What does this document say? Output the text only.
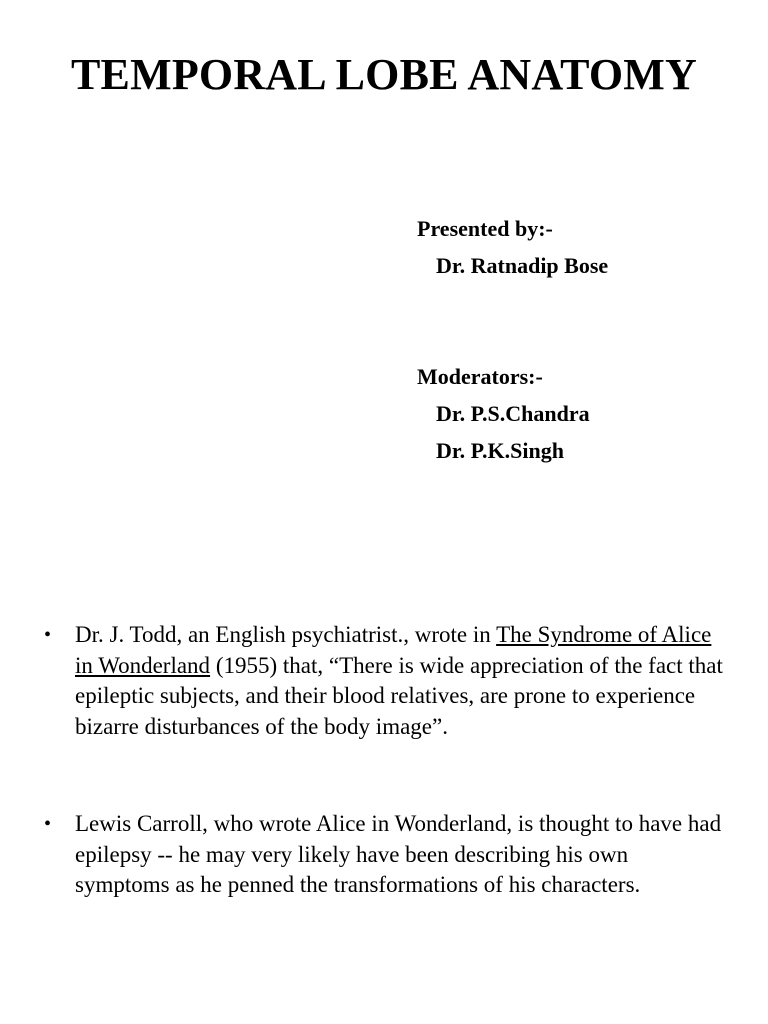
TEMPORAL LOBE ANATOMY
Presented by:-
Dr. Ratnadip Bose
Moderators:-
Dr. P.S.Chandra
Dr. P.K.Singh
• Dr. J. Todd, an English psychiatrist., wrote in The Syndrome of Alice in Wonderland (1955) that, “There is wide appreciation of the fact that epileptic subjects, and their blood relatives, are prone to experience bizarre disturbances of the body image”.
• Lewis Carroll, who wrote Alice in Wonderland, is thought to have had epilepsy -- he may very likely have been describing his own symptoms as he penned the transformations of his characters.
